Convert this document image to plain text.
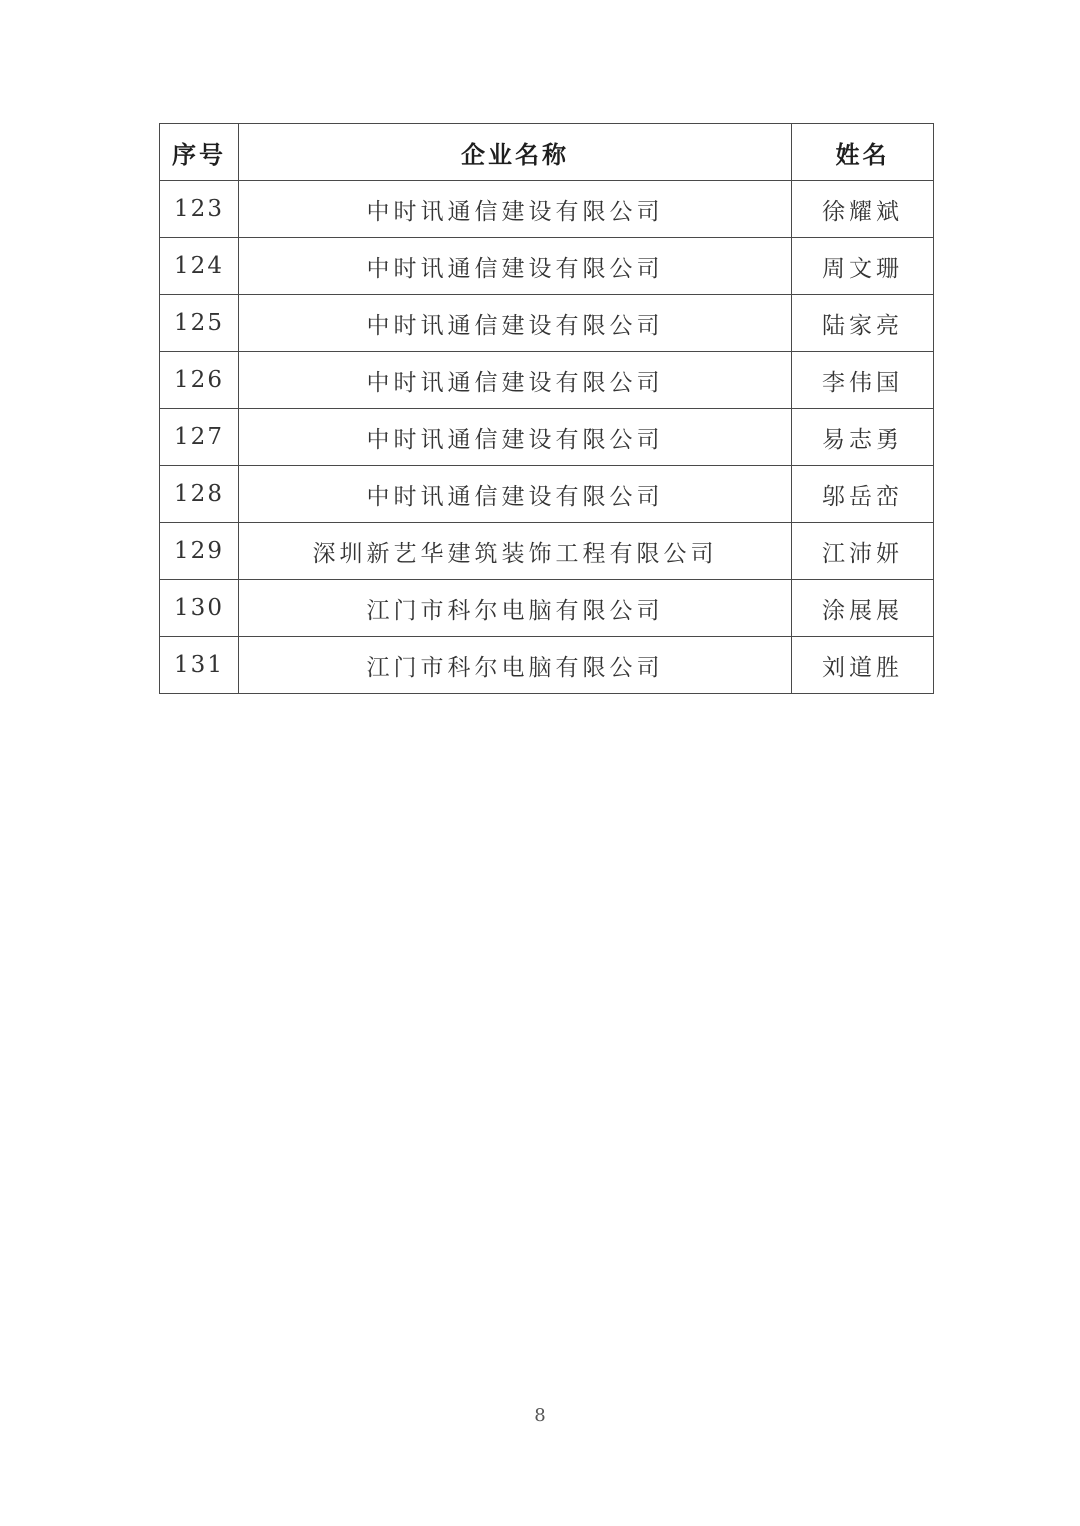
序号	企业名称	姓名
123	中时讯通信建设有限公司	徐耀斌
124	中时讯通信建设有限公司	周文珊
125	中时讯通信建设有限公司	陆家亮
126	中时讯通信建设有限公司	李伟国
127	中时讯通信建设有限公司	易志勇
128	中时讯通信建设有限公司	邬岳峦
129	深圳新艺华建筑装饰工程有限公司	江沛妍
130	江门市科尔电脑有限公司	涂展展
131	江门市科尔电脑有限公司	刘道胜
8
